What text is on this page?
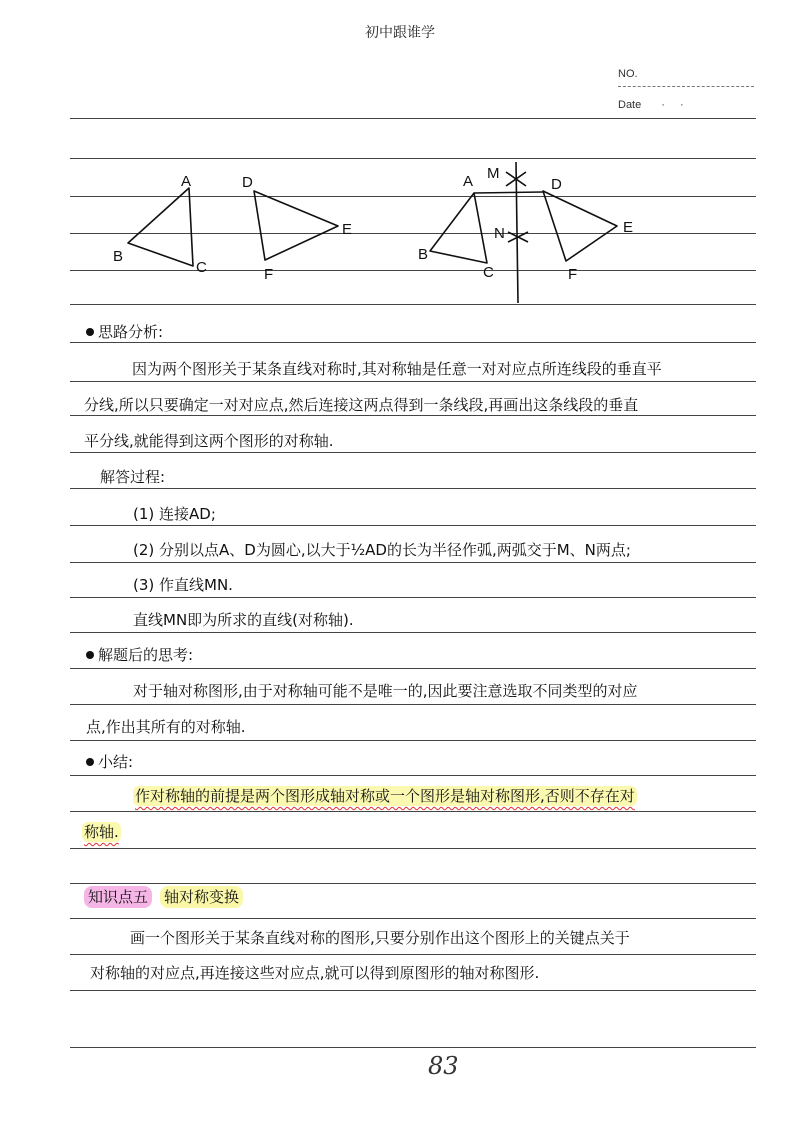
初中跟谁学
NO.
Date · ·
A
B
C
D
E
F
A M
D
N	E
B
C	F
思路分析:
因为两个图形关于某条直线对称时,其对称轴是任意一对对应点所连线段的垂直平
分线,所以只要确定一对对应点,然后连接这两点得到一条线段,再画出这条线段的垂直
平分线,就能得到这两个图形的对称轴.
解答过程:
(1) 连接AD;
(2) 分别以点A、D为圆心,以大于½AD的长为半径作弧,两弧交于M、N两点;
(3) 作直线MN.
直线MN即为所求的直线(对称轴).
解题后的思考:
对于轴对称图形,由于对称轴可能不是唯一的,因此要注意选取不同类型的对应
点,作出其所有的对称轴.
小结:
作对称轴的前提是两个图形成轴对称或一个图形是轴对称图形,否则不存在对
称轴.
知识点五 轴对称变换
画一个图形关于某条直线对称的图形,只要分别作出这个图形上的关键点关于
对称轴的对应点,再连接这些对应点,就可以得到原图形的轴对称图形.
83
